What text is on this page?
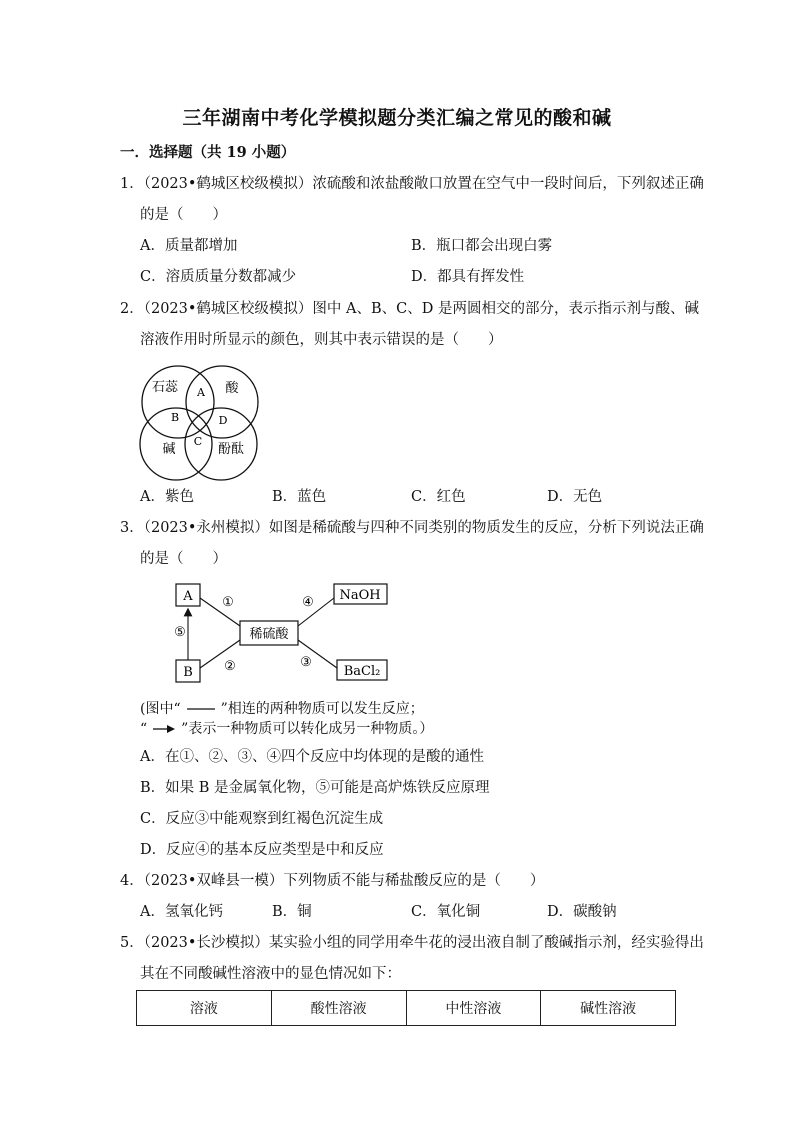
三年湖南中考化学模拟题分类汇编之常见的酸和碱
一．选择题（共 19 小题）
1．（2023•鹤城区校级模拟）浓硫酸和浓盐酸敞口放置在空气中一段时间后，下列叙述正确
的是（　　）
A．质量都增加	B．瓶口都会出现白雾
C．溶质质量分数都减少	D．都具有挥发性
2．（2023•鹤城区校级模拟）图中 A、B、C、D 是两圆相交的部分，表示指示剂与酸、碱
溶液作用时所显示的颜色，则其中表示错误的是（　　）
石蕊	酸
碱	酚酞
A
B
C
D
A．紫色	B．蓝色	C．红色	D．无色
3．（2023•永州模拟）如图是稀硫酸与四种不同类别的物质发生的反应，分析下列说法正确
的是（　　）
A
B
稀硫酸
NaOH
BaCl₂
①
②	③
④
⑤
(图中“	”相连的两种物质可以发生反应；
“ ”表示一种物质可以转化成另一种物质。）
A．在①、②、③、④四个反应中均体现的是酸的通性
B．如果 B 是金属氧化物，⑤可能是高炉炼铁反应原理
C．反应③中能观察到红褐色沉淀生成
D．反应④的基本反应类型是中和反应
4．（2023•双峰县一模）下列物质不能与稀盐酸反应的是（　　）
A．氢氧化钙	B．铜	C．氧化铜	D．碳酸钠
5．（2023•长沙模拟）某实验小组的同学用牵牛花的浸出液自制了酸碱指示剂，经实验得出
其在不同酸碱性溶液中的显色情况如下：
溶液	酸性溶液	中性溶液	碱性溶液
